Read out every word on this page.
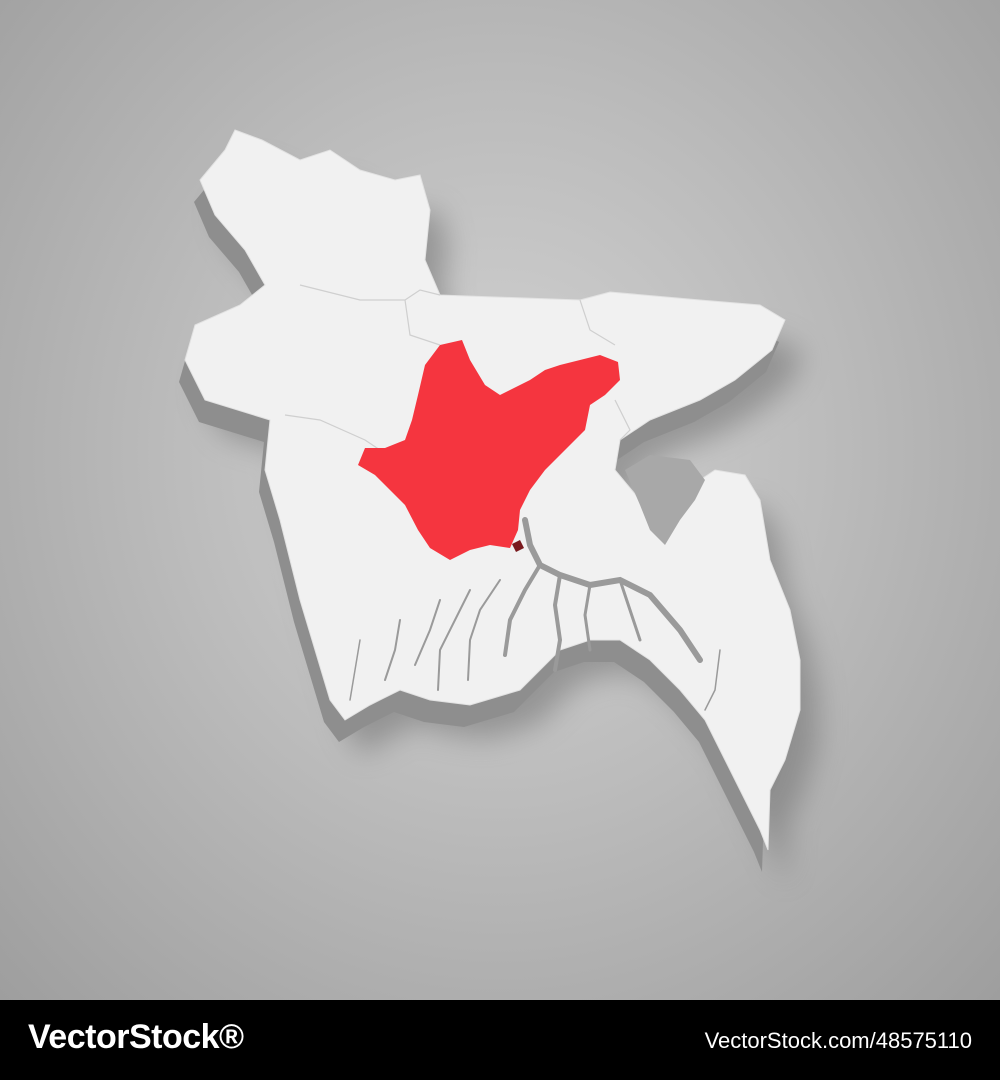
VectorStock®	VectorStock.com/48575110
